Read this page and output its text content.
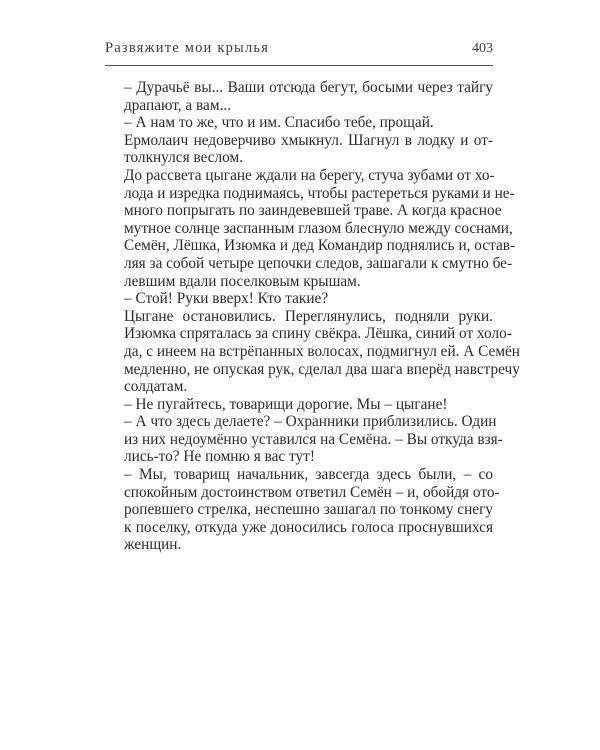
Развяжите мои крылья	403
– Дурачьё вы... Ваши отсюда бегут, босыми через тайгу
драпают, а вам...
– А нам то же, что и им. Спасибо тебе, прощай.
Ермолаич недоверчиво хмыкнул. Шагнул в лодку и от-
толкнулся веслом.
До рассвета цыгане ждали на берегу, стуча зубами от хо-
лода и изредка поднимаясь, чтобы растереться руками и не-
много попрыгать по заиндевевшей траве. А когда красное
мутное солнце заспанным глазом блеснуло между соснами,
Семён, Лёшка, Изюмка и дед Командир поднялись и, остав-
ляя за собой четыре цепочки следов, зашагали к смутно бе-
левшим вдали поселковым крышам.
– Стой! Руки вверх! Кто такие?
Цыгане остановились. Переглянулись, подняли руки.
Изюмка спряталась за спину свёкра. Лёшка, синий от холо-
да, с инеем на встрёпанных волосах, подмигнул ей. А Семён
медленно, не опуская рук, сделал два шага вперёд навстречу
солдатам.
– Не пугайтесь, товарищи дорогие. Мы – цыгане!
– А что здесь делаете? – Охранники приблизились. Один
из них недоумённо уставился на Семёна. – Вы откуда взя-
лись-то? Не помню я вас тут!
– Мы, товарищ начальник, завсегда здесь были, – со
спокойным достоинством ответил Семён – и, обойдя ото-
ропевшего стрелка, неспешно зашагал по тонкому снегу
к поселку, откуда уже доносились голоса проснувшихся
женщин.
